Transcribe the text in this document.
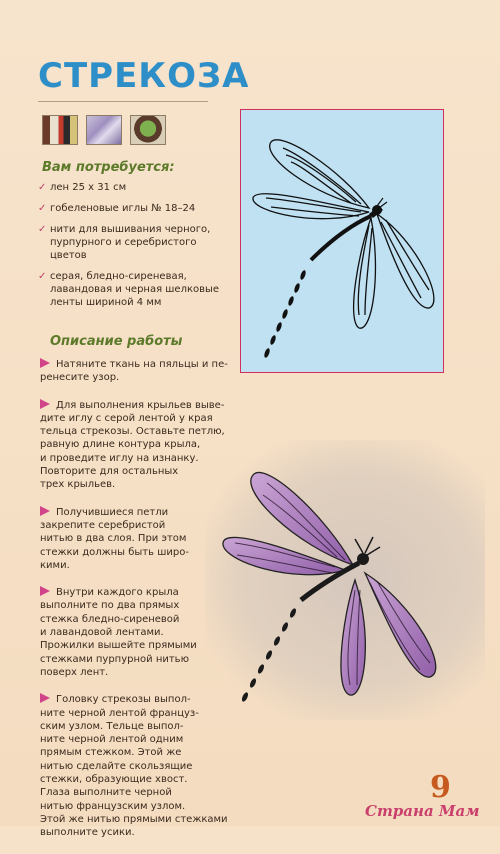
СТРЕКОЗА
Вам потребуется:
✓ лен 25 х 31 см
✓ гобеленовые иглы № 18–24
✓ нити для вышивания черного, пурпурного и серебристого цветов
✓ серая, бледно-сиреневая, лавандовая и черная шелковые ленты шириной 4 мм
Описание работы
Натяните ткань на пяльцы и пе-
ренесите узор.
Для выполнения крыльев выве-
дите иглу с серой лентой у края
тельца стрекозы. Оставьте петлю,
равную длине контура крыла,
и проведите иглу на изнанку.
Повторите для остальных
трех крыльев.
Получившиеся петли
закрепите серебристой
нитью в два слоя. При этом
стежки должны быть широ-
кими.
Внутри каждого крыла
выполните по два прямых
стежка бледно-сиреневой
и лавандовой лентами.
Прожилки вышейте прямыми
стежками пурпурной нитью
поверх лент.
Головку стрекозы выпол-
ните черной лентой француз-
ским узлом. Тельце выпол-
ните черной лентой одним
прямым стежком. Этой же
нитью сделайте скользящие
стежки, образующие хвост.
Глаза выполните черной
нитью французским узлом.
Этой же нитью прямыми стежками
выполните усики.
9
Страна Мам
